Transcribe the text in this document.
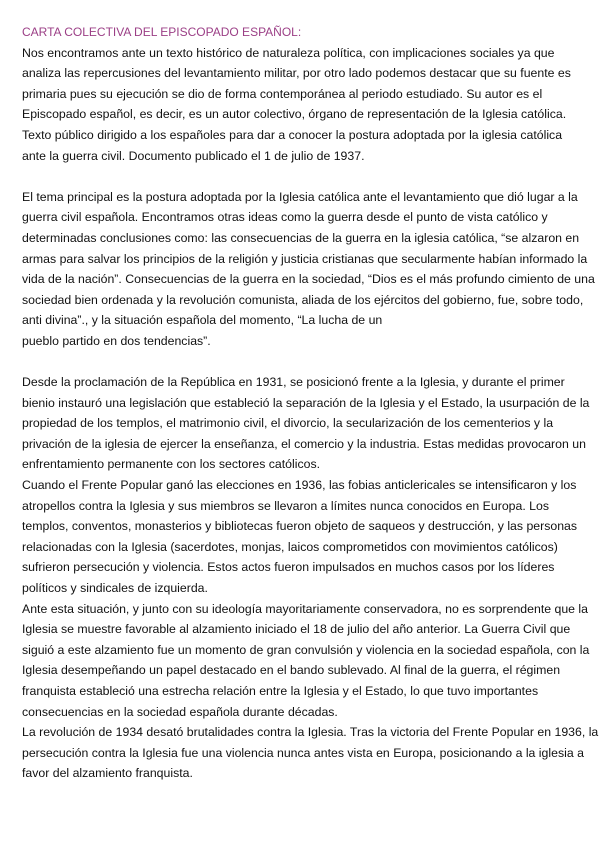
CARTA COLECTIVA DEL EPISCOPADO ESPAÑOL:
Nos encontramos ante un texto histórico de naturaleza política, con implicaciones sociales ya que
analiza las repercusiones del levantamiento militar, por otro lado podemos destacar que su fuente es
primaria pues su ejecución se dio de forma contemporánea al periodo estudiado. Su autor es el
Episcopado español, es decir, es un autor colectivo, órgano de representación de la Iglesia católica.
Texto público dirigido a los españoles para dar a conocer la postura adoptada por la iglesia católica
ante la guerra civil. Documento publicado el 1 de julio de 1937.
El tema principal es la postura adoptada por la Iglesia católica ante el levantamiento que dió lugar a la
guerra civil española. Encontramos otras ideas como la guerra desde el punto de vista católico y
determinadas conclusiones como: las consecuencias de la guerra en la iglesia católica, “se alzaron en
armas para salvar los principios de la religión y justicia cristianas que secularmente habían informado la
vida de la nación”. Consecuencias de la guerra en la sociedad, “Dios es el más profundo cimiento de una
sociedad bien ordenada y la revolución comunista, aliada de los ejércitos del gobierno, fue, sobre todo,
anti divina”., y la situación española del momento, “La lucha de un
pueblo partido en dos tendencias”.
Desde la proclamación de la República en 1931, se posicionó frente a la Iglesia, y durante el primer
bienio instauró una legislación que estableció la separación de la Iglesia y el Estado, la usurpación de la
propiedad de los templos, el matrimonio civil, el divorcio, la secularización de los cementerios y la
privación de la iglesia de ejercer la enseñanza, el comercio y la industria. Estas medidas provocaron un
enfrentamiento permanente con los sectores católicos.
Cuando el Frente Popular ganó las elecciones en 1936, las fobias anticlericales se intensificaron y los
atropellos contra la Iglesia y sus miembros se llevaron a límites nunca conocidos en Europa. Los
templos, conventos, monasterios y bibliotecas fueron objeto de saqueos y destrucción, y las personas
relacionadas con la Iglesia (sacerdotes, monjas, laicos comprometidos con movimientos católicos)
sufrieron persecución y violencia. Estos actos fueron impulsados en muchos casos por los líderes
políticos y sindicales de izquierda.
Ante esta situación, y junto con su ideología mayoritariamente conservadora, no es sorprendente que la
Iglesia se muestre favorable al alzamiento iniciado el 18 de julio del año anterior. La Guerra Civil que
siguió a este alzamiento fue un momento de gran convulsión y violencia en la sociedad española, con la
Iglesia desempeñando un papel destacado en el bando sublevado. Al final de la guerra, el régimen
franquista estableció una estrecha relación entre la Iglesia y el Estado, lo que tuvo importantes
consecuencias en la sociedad española durante décadas.
La revolución de 1934 desató brutalidades contra la Iglesia. Tras la victoria del Frente Popular en 1936, la
persecución contra la Iglesia fue una violencia nunca antes vista en Europa, posicionando a la iglesia a
favor del alzamiento franquista.
